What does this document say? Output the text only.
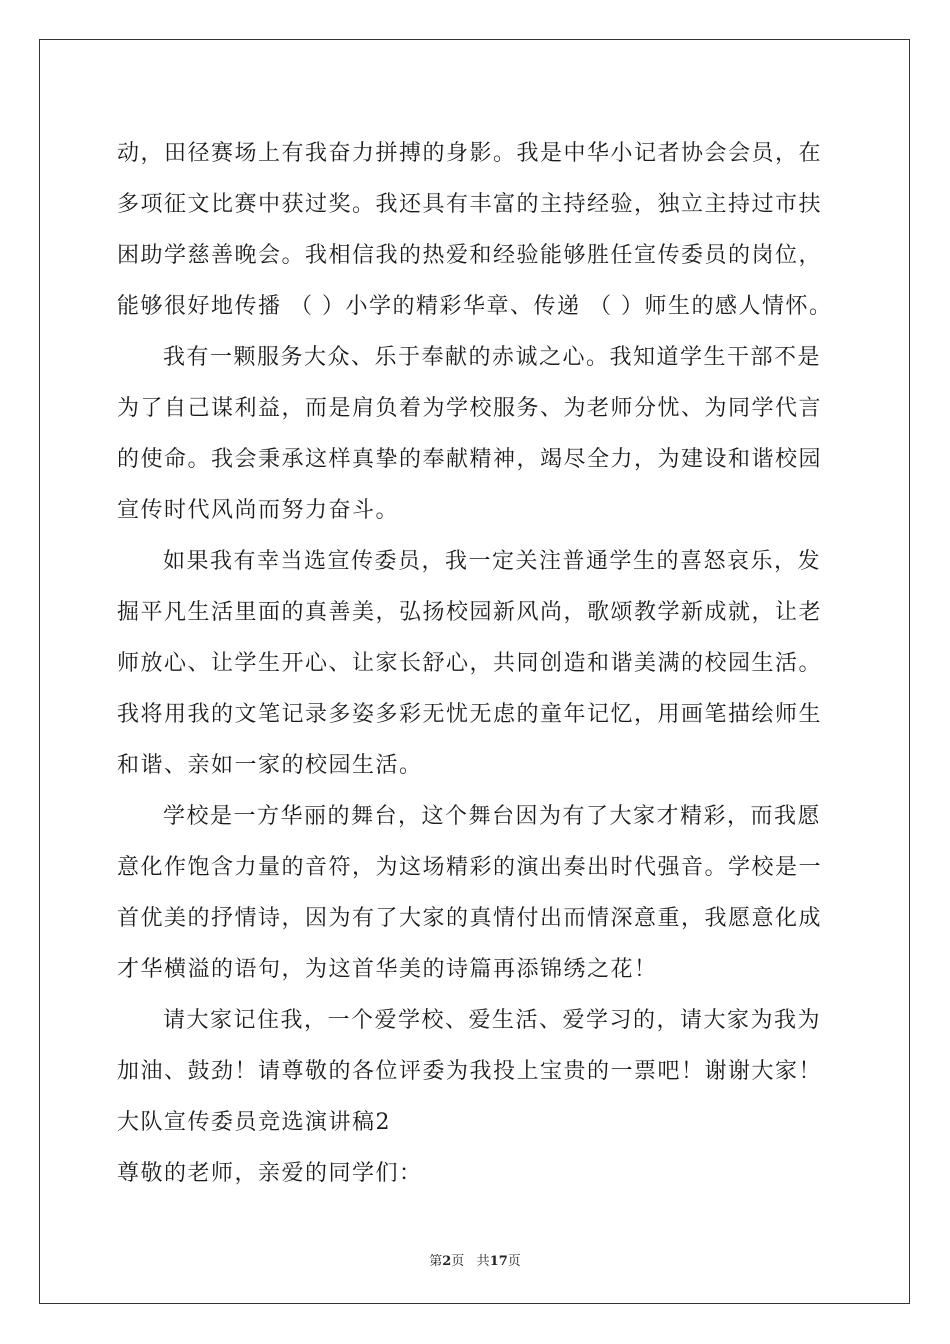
动，田径赛场上有我奋力拼搏的身影。我是中华小记者协会会员，在
多项征文比赛中获过奖。我还具有丰富的主持经验，独立主持过市扶
困助学慈善晚会。我相信我的热爱和经验能够胜任宣传委员的岗位，
能够很好地传播 （ ）小学的精彩华章、传递 （ ）师生的感人情怀。
我有一颗服务大众、乐于奉献的赤诚之心。我知道学生干部不是
为了自己谋利益，而是肩负着为学校服务、为老师分忧、为同学代言
的使命。我会秉承这样真挚的奉献精神，竭尽全力，为建设和谐校园
宣传时代风尚而努力奋斗。
如果我有幸当选宣传委员，我一定关注普通学生的喜怒哀乐，发
掘平凡生活里面的真善美，弘扬校园新风尚，歌颂教学新成就，让老
师放心、让学生开心、让家长舒心，共同创造和谐美满的校园生活。
我将用我的文笔记录多姿多彩无忧无虑的童年记忆，用画笔描绘师生
和谐、亲如一家的校园生活。
学校是一方华丽的舞台，这个舞台因为有了大家才精彩，而我愿
意化作饱含力量的音符，为这场精彩的演出奏出时代强音。学校是一
首优美的抒情诗，因为有了大家的真情付出而情深意重，我愿意化成
才华横溢的语句，为这首华美的诗篇再添锦绣之花！
请大家记住我，一个爱学校、爱生活、爱学习的，请大家为我为
加油、鼓劲！请尊敬的各位评委为我投上宝贵的一票吧！谢谢大家！
大队宣传委员竞选演讲稿2
尊敬的老师，亲爱的同学们：
第2页 共17页
